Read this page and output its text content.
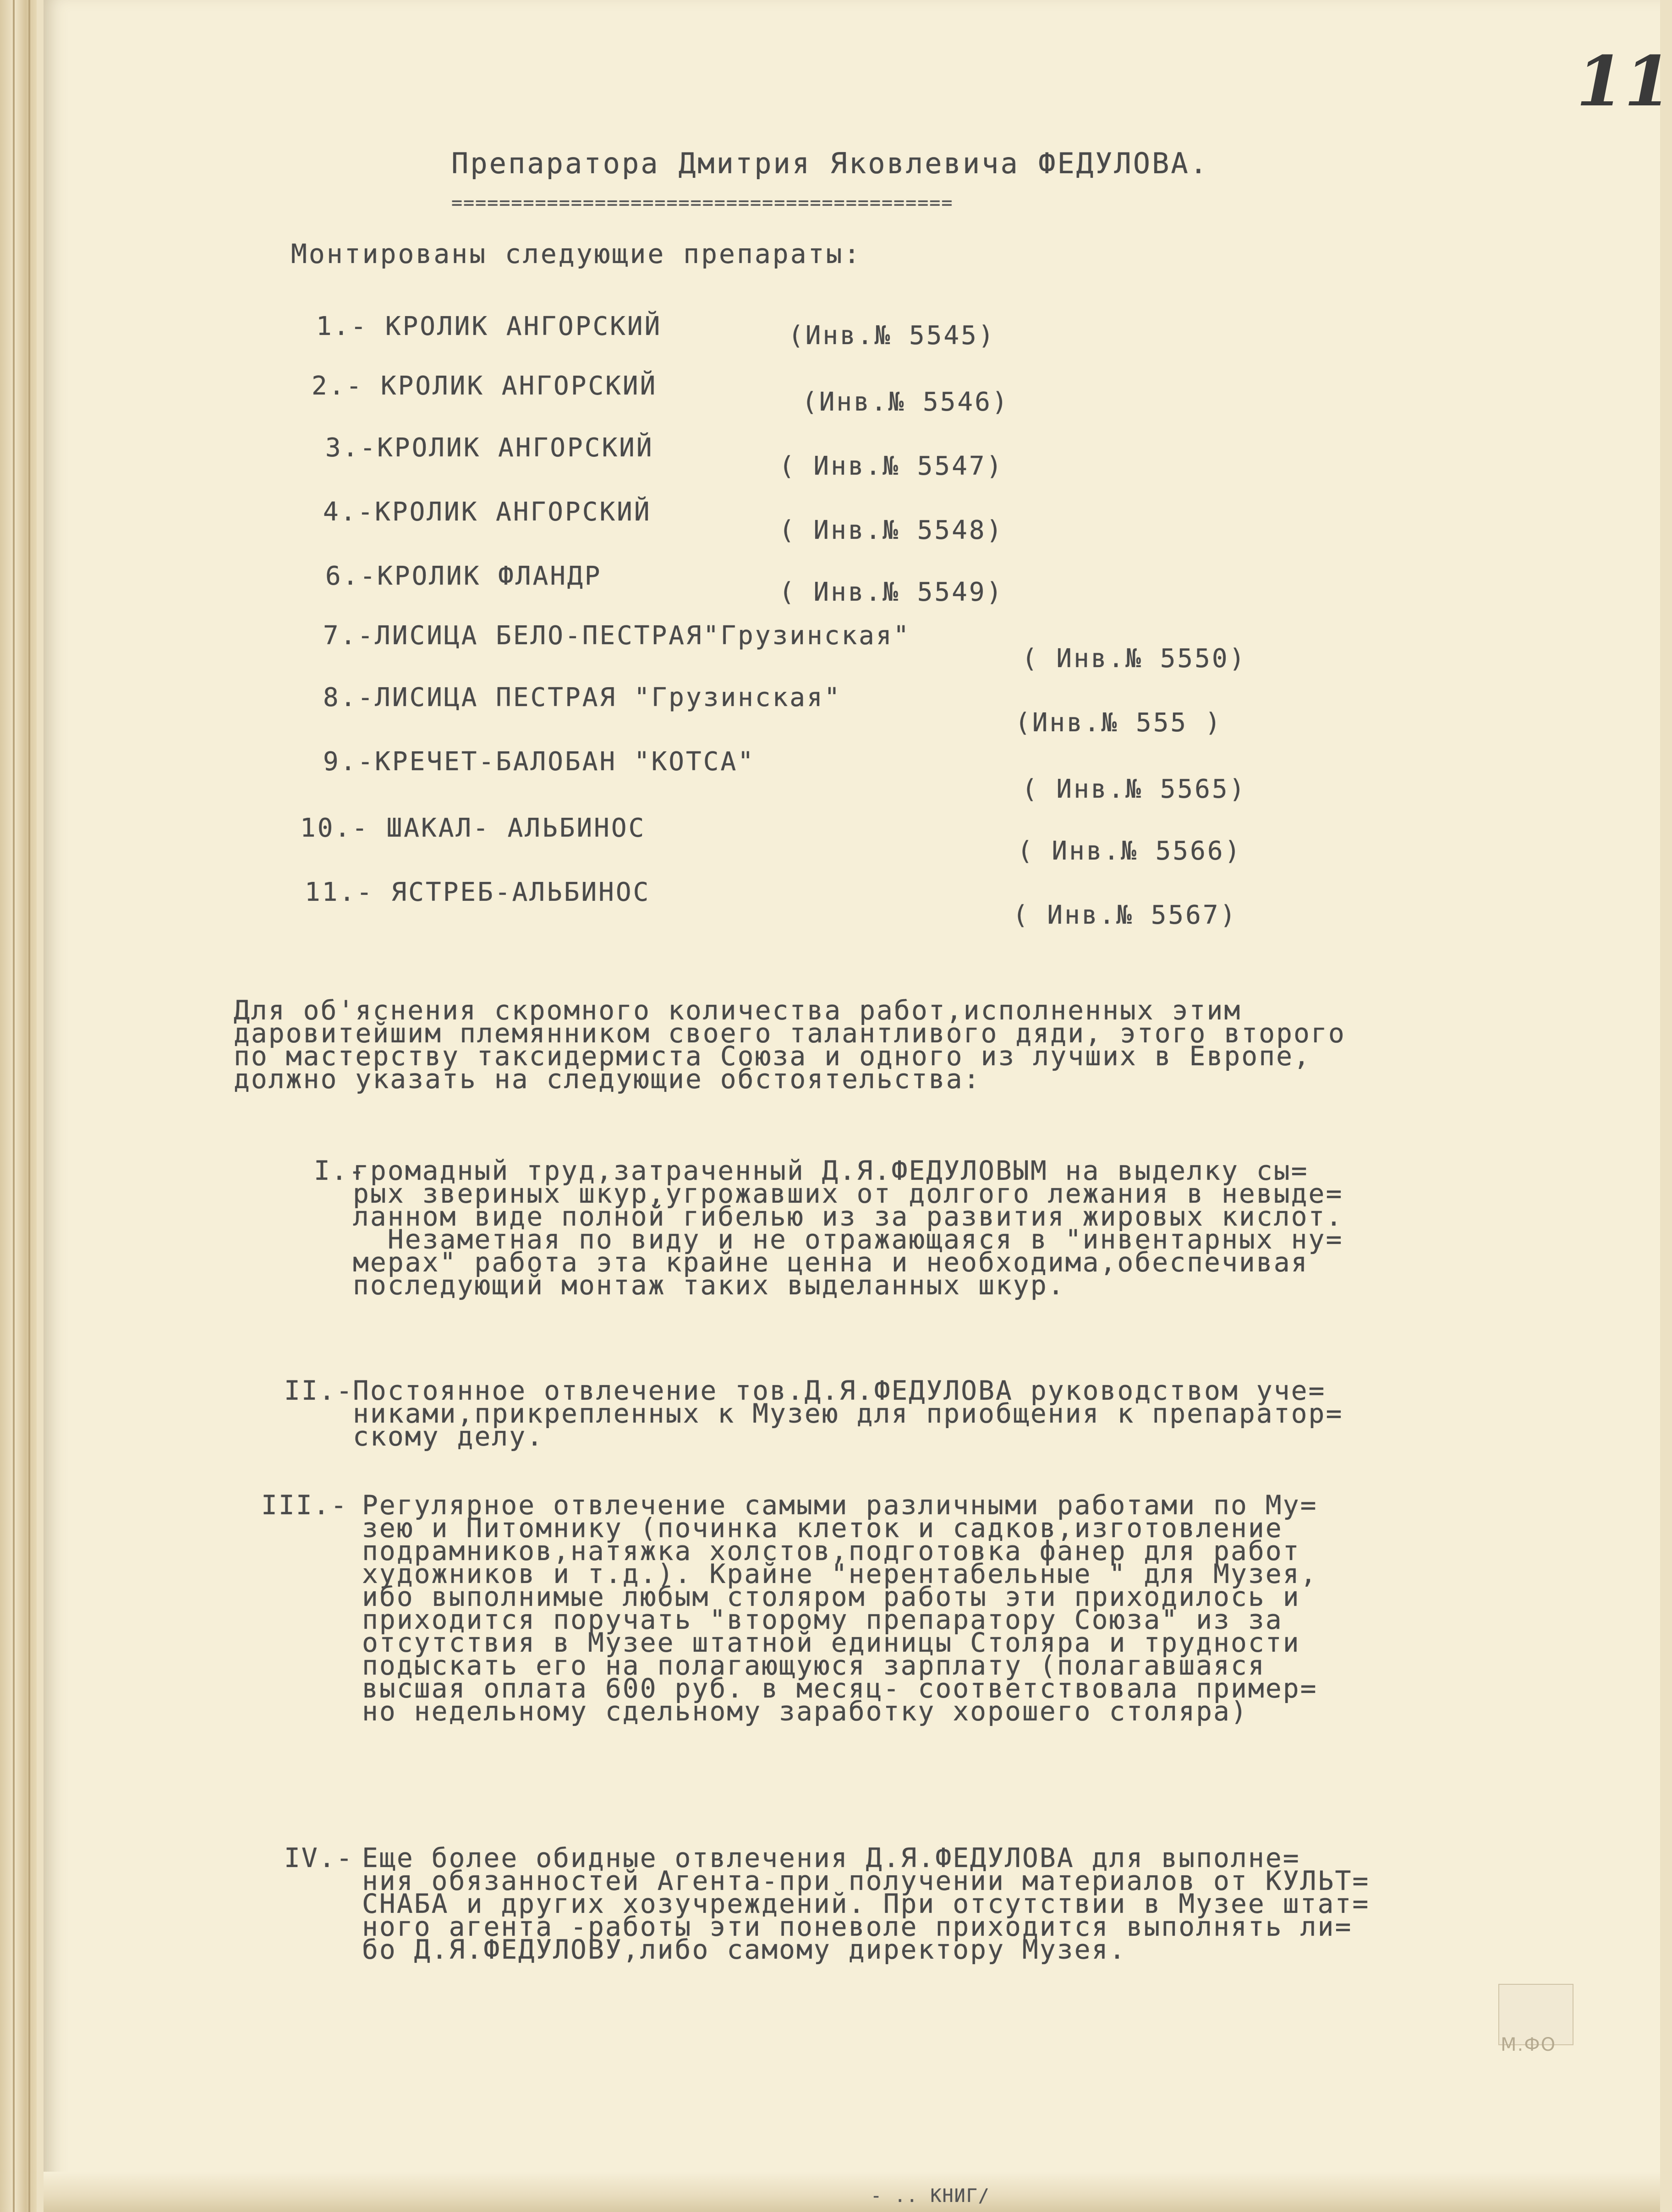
11
Препаратора Дмитрия Яковлевича ФЕДУЛОВА.
==========================================
Монтированы следующие препараты:
1.- КРОЛИК АНГОРСКИЙ	(Инв.№ 5545)
2.- КРОЛИК АНГОРСКИЙ
(Инв.№ 5546)
3.-КРОЛИК АНГОРСКИЙ
( Инв.№ 5547)
4.-КРОЛИК АНГОРСКИЙ
( Инв.№ 5548)
6.-КРОЛИК ФЛАНДР
( Инв.№ 5549)
7.-ЛИСИЦА БЕЛО-ПЕСТРАЯ"Грузинская"
( Инв.№ 5550)
8.-ЛИСИЦА ПЕСТРАЯ "Грузинская"
(Инв.№ 555 )
9.-КРЕЧЕТ-БАЛОБАН "КОТСА"
( Инв.№ 5565)
10.- ШАКАЛ- АЛЬБИНОС
( Инв.№ 5566)
11.- ЯСТРЕБ-АЛЬБИНОС
( Инв.№ 5567)
Для об'яснения скромного количества работ,исполненных этим
даровитейшим племянником своего талантливого дяди, этого второго
по мастерству таксидермиста Союза и одного из лучших в Европе,
должно указать на следующие обстоятельства:
I.-
громадный труд,затраченный Д.Я.ФЕДУЛОВЫМ на выделку сы=
рых звериных шкур,угрожавших от долгого лежания в невыде=
ланном виде полной гибелью из за развития жировых кислот.
Незаметная по виду и не отражающаяся в "инвентарных ну=
мерах" работа эта крайне ценна и необходима,обеспечивая
последующий монтаж таких выделанных шкур.
II.-
Постоянное отвлечение тов.Д.Я.ФЕДУЛОВА руководством уче=
никами,прикрепленных к Музею для приобщения к препаратор=
скому делу.
III.- Регулярное отвлечение самыми различными работами по Му=
зею и Питомнику (починка клеток и садков,изготовление
подрамников,натяжка холстов,подготовка фанер для работ
художников и т.д.). Крайне "нерентабельные " для Музея,
ибо выполнимые любым столяром работы эти приходилось и
приходится поручать "второму препаратору Союза" из за
отсутствия в Музее штатной единицы Столяра и трудности
подыскать его на полагающуюся зарплату (полагавшаяся
высшая оплата 600 руб. в месяц- соответствовала пример=
но недельному сдельному заработку хорошего столяра)
IV.- Еще более обидные отвлечения Д.Я.ФЕДУЛОВА для выполне=
ния обязанностей Агента-при получении материалов от КУЛЬТ=
СНАБА и других хозучреждений. При отсутствии в Музее штат=
ного агента -работы эти поневоле приходится выполнять ли=
бо Д.Я.ФЕДУЛОВУ,либо самому директору Музея.
М.ФО
- .. КНИГ/
